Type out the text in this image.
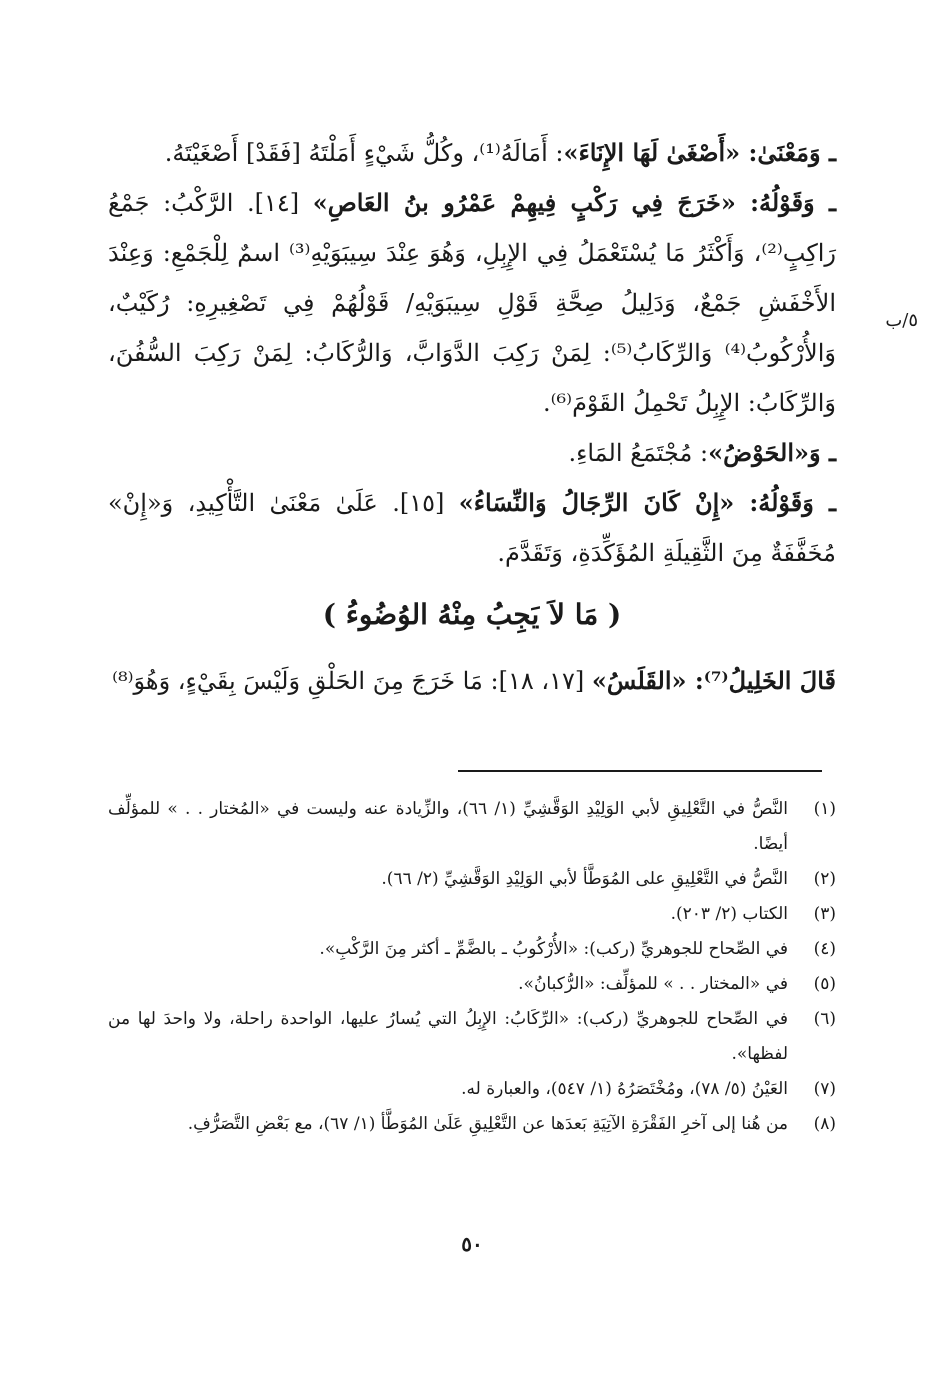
٥/ب

ـ وَمَعْنَىٰ: «أَصْغَىٰ لَهَا الإِنَاءَ»: أَمَالَهُ⁽¹⁾، وكُلُّ شَيْءٍ أَمَلْتَهُ [فَقَدْ] أَصْغَيْتَهُ.

ـ وَقَوْلُهُ: «خَرَجَ فِي رَكْبٍ فِيهِمْ عَمْرُو بنُ العَاصِ» [١٤]. الرَّكْبُ: جَمْعُ رَاكِبٍ⁽²⁾، وَأَكْثَرُ مَا يُسْتَعْمَلُ فِي الإِبِلِ، وَهُوَ عِنْدَ سِيبَوَيْهِ⁽³⁾ اسمٌ لِلْجَمْعِ: وَعِنْدَ الأَخْفَشِ جَمْعٌ، وَدَلِيلُ صِحَّةِ قَوْلِ سِيبَوَيْهِ/ قَوْلُهُمْ فِي تَصْغِيرِهِ: رُكَيْبٌ، وَالأُرْكُوبُ⁽⁴⁾ وَالرِّكَابُ⁽⁵⁾: لِمَنْ رَكِبَ الدَّوَابَّ، وَالرُّكَابُ: لِمَنْ رَكِبَ السُّفُنَ، وَالرِّكَابُ: الإِبِلُ تَحْمِلُ القَوْمَ⁽⁶⁾.

ـ وَ«الحَوْضُ»: مُجْتَمَعُ المَاءِ.

ـ وَقَوْلُهُ: «إِنْ كَانَ الرِّجَالُ وَالنِّسَاءُ» [١٥]. عَلَىٰ مَعْنَىٰ التَّأْكِيدِ، وَ«إِنْ» مُخَفَّفَةٌ مِنَ الثَّقِيلَةِ المُؤَكِّدَةِ، وَتَقَدَّمَ.

( مَا لاَ يَجِبُ مِنْهُ الوُضُوءُ )

قَالَ الخَلِيلُ⁽⁷⁾: «القَلَسُ» [١٧، ١٨]: مَا خَرَجَ مِنَ الحَلْقِ وَلَيْسَ بِقَيْءٍ، وَهُوَ⁽⁸⁾

(١)
النَّصُّ في التَّعْلِيقِ لأبي الوَلِيْدِ الوَقَّشِيِّ (١/ ٦٦)، والزِّيادة عنه وليست في «المُختار . . » للمؤلِّف أيضًا.
(٢)
النَّصُّ في التَّعْلِيقِ على المُوَطَّأ لأبي الوَلِيْدِ الوَقَّشِيِّ (٢/ ٦٦).
(٣)
الكتاب (٢/ ٢٠٣).
(٤)
في الصِّحاح للجوهريِّ (ركب): «الأُرْكُوبُ ـ بالضَّمِّ ـ أكثر مِنَ الرَّكْبِ».
(٥)
في «المختار . . » للمؤلِّف: «الرُّكبانُ».
(٦)
في الصِّحاح للجوهريِّ (ركب): «الرِّكَابُ: الإِبِلُ التي يُسارُ عليها، الواحدة راحلة، ولا واحدَ لها من لفظها».
(٧)
العَيْنُ (٥/ ٧٨)، ومُخْتَصَرُهُ (١/ ٥٤٧)، والعبارة له.
(٨)
من هُنا إلى آخرِ الفَقْرَةِ الآتِيَةِ بَعدَها عن التَّعْلِيقِ عَلَىٰ المُوَطَّأ (١/ ٦٧)، مع بَعْضِ التَّصَرُّفِ.
٥٠
